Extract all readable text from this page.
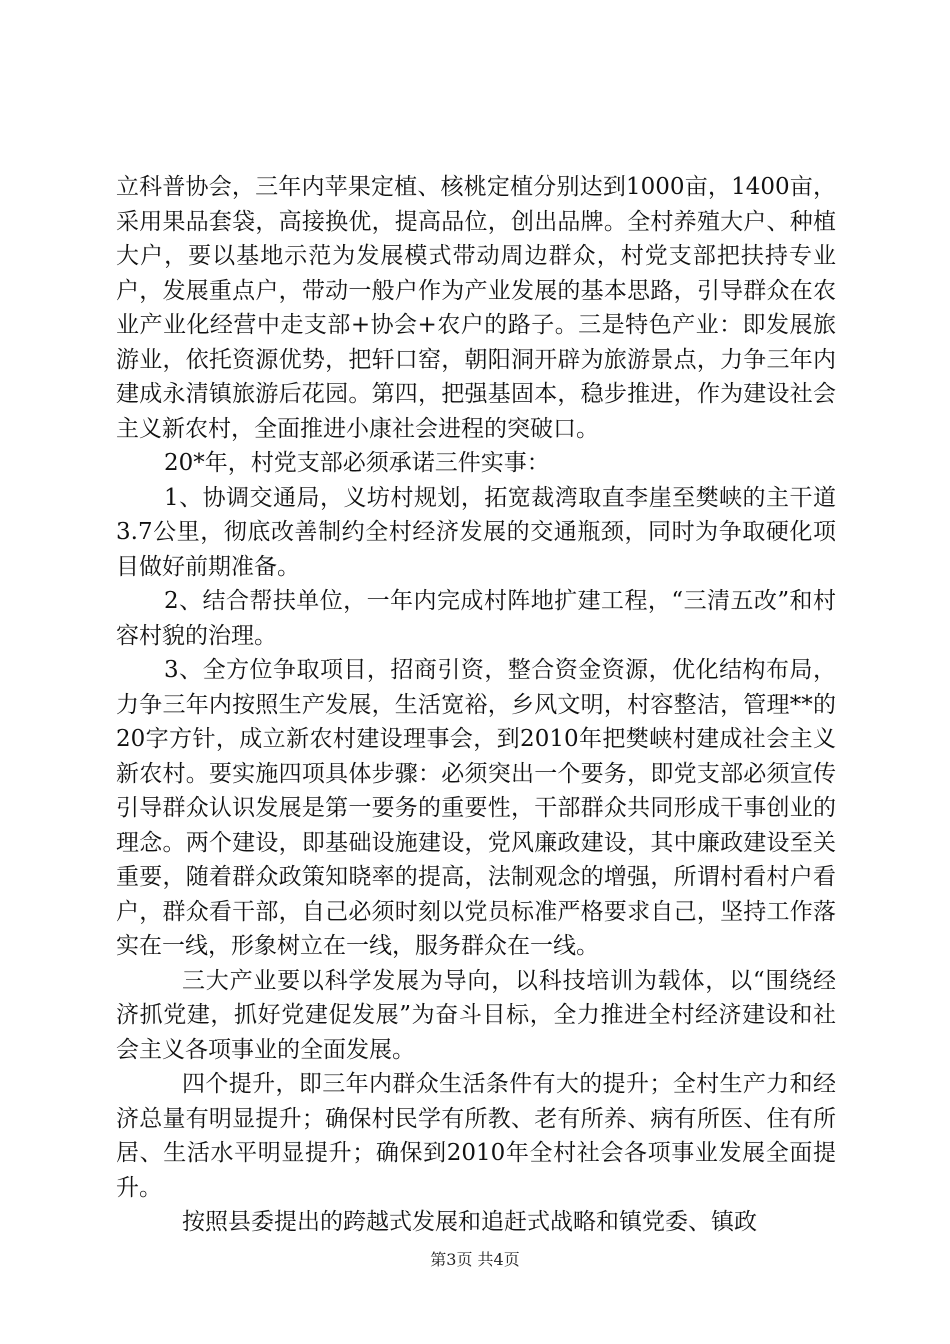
立科普协会，三年内苹果定植、核桃定植分别达到1000亩，1400亩，采用果品套袋，高接换优，提高品位，创出品牌。全村养殖大户、种植大户，要以基地示范为发展模式带动周边群众，村党支部把扶持专业户，发展重点户，带动一般户作为产业发展的基本思路，引导群众在农业产业化经营中走支部+协会+农户的路子。三是特色产业：即发展旅游业，依托资源优势，把轩口窑，朝阳洞开辟为旅游景点，力争三年内建成永清镇旅游后花园。第四，把强基固本，稳步推进，作为建设社会主义新农村，全面推进小康社会进程的突破口。

20*年，村党支部必须承诺三件实事：

1、协调交通局，义坊村规划，拓宽裁湾取直李崖至樊峡的主干道3.7公里，彻底改善制约全村经济发展的交通瓶颈，同时为争取硬化项目做好前期准备。

2、结合帮扶单位，一年内完成村阵地扩建工程，“三清五改”和村容村貌的治理。

3、全方位争取项目，招商引资，整合资金资源，优化结构布局，力争三年内按照生产发展，生活宽裕，乡风文明，村容整洁，管理**的20字方针，成立新农村建设理事会，到2010年把樊峡村建成社会主义新农村。要实施四项具体步骤：必须突出一个要务，即党支部必须宣传引导群众认识发展是第一要务的重要性，干部群众共同形成干事创业的理念。两个建设，即基础设施建设，党风廉政建设，其中廉政建设至关重要，随着群众政策知晓率的提高，法制观念的增强，所谓村看村户看户，群众看干部，自己必须时刻以党员标准严格要求自己，坚持工作落实在一线，形象树立在一线，服务群众在一线。

三大产业要以科学发展为导向，以科技培训为载体，以“围绕经济抓党建，抓好党建促发展”为奋斗目标，全力推进全村经济建设和社会主义各项事业的全面发展。

四个提升，即三年内群众生活条件有大的提升；全村生产力和经济总量有明显提升；确保村民学有所教、老有所养、病有所医、住有所居、生活水平明显提升；确保到2010年全村社会各项事业发展全面提升。

按照县委提出的跨越式发展和追赶式战略和镇党委、镇政

第3页 共4页
